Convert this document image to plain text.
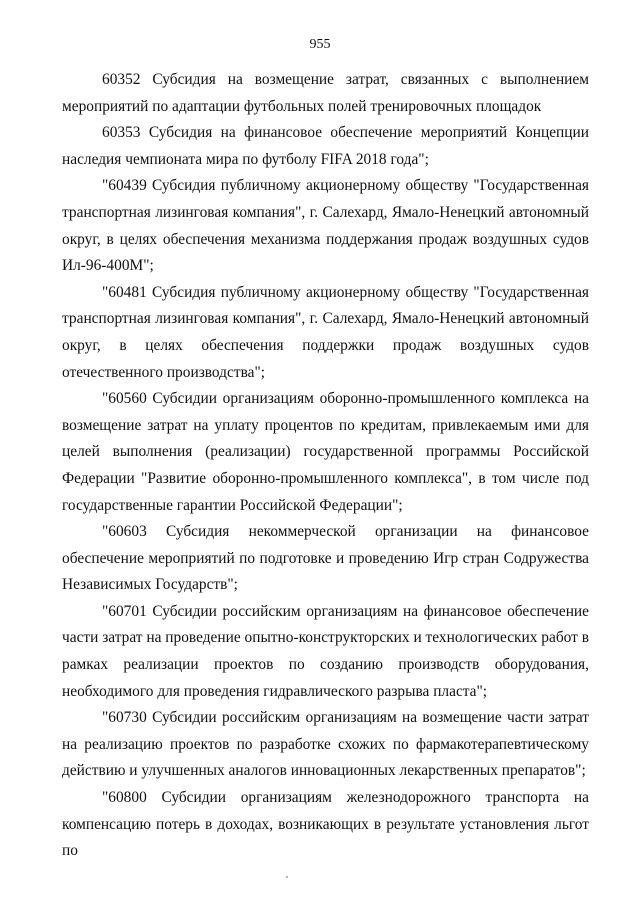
955

60352 Субсидия на возмещение затрат, связанных с выполнением мероприятий по адаптации футбольных полей тренировочных площадок

60353 Субсидия на финансовое обеспечение мероприятий Концепции наследия чемпионата мира по футболу FIFA 2018 года";

"60439 Субсидия публичному акционерному обществу "Государственная транспортная лизинговая компания", г. Салехард, Ямало-Ненецкий автономный округ, в целях обеспечения механизма поддержания продаж воздушных судов Ил-96-400М";

"60481 Субсидия публичному акционерному обществу "Государственная транспортная лизинговая компания", г. Салехард, Ямало-Ненецкий автономный округ, в целях обеспечения поддержки продаж воздушных судов отечественного производства";

"60560 Субсидии организациям оборонно-промышленного комплекса на возмещение затрат на уплату процентов по кредитам, привлекаемым ими для целей выполнения (реализации) государственной программы Российской Федерации "Развитие оборонно-промышленного комплекса", в том числе под государственные гарантии Российской Федерации";

"60603 Субсидия некоммерческой организации на финансовое обеспечение мероприятий по подготовке и проведению Игр стран Содружества Независимых Государств";

"60701 Субсидии российским организациям на финансовое обеспечение части затрат на проведение опытно-конструкторских и технологических работ в рамках реализации проектов по созданию производств оборудования, необходимого для проведения гидравлического разрыва пласта";

"60730 Субсидии российским организациям на возмещение части затрат на реализацию проектов по разработке схожих по фармакотерапевтическому действию и улучшенных аналогов инновационных лекарственных препаратов";

"60800 Субсидии организациям железнодорожного транспорта на компенсацию потерь в доходах, возникающих в результате установления льгот по
